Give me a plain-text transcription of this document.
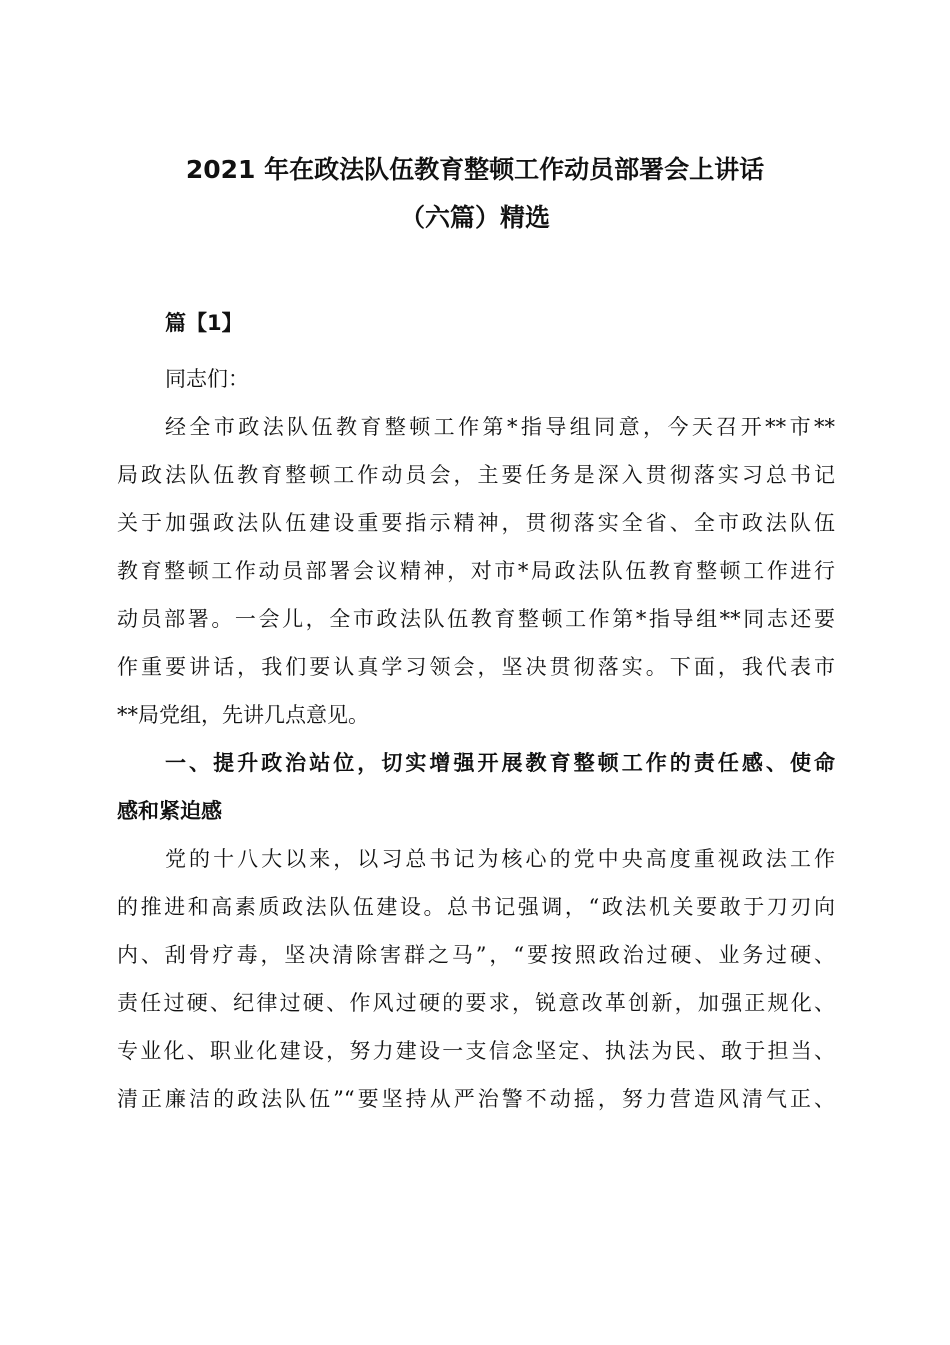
2021 年在政法队伍教育整顿工作动员部署会上讲话
（六篇）精选
篇【1】
同志们：
经全市政法队伍教育整顿工作第*指导组同意，今天召开**市**
局政法队伍教育整顿工作动员会，主要任务是深入贯彻落实习总书记
关于加强政法队伍建设重要指示精神，贯彻落实全省、全市政法队伍
教育整顿工作动员部署会议精神，对市*局政法队伍教育整顿工作进行
动员部署。一会儿，全市政法队伍教育整顿工作第*指导组**同志还要
作重要讲话，我们要认真学习领会，坚决贯彻落实。下面，我代表市
**局党组，先讲几点意见。
一、提升政治站位，切实增强开展教育整顿工作的责任感、使命
感和紧迫感
党的十八大以来，以习总书记为核心的党中央高度重视政法工作
的推进和高素质政法队伍建设。总书记强调，“政法机关要敢于刀刃向
内、刮骨疗毒，坚决清除害群之马”，“要按照政治过硬、业务过硬、
责任过硬、纪律过硬、作风过硬的要求，锐意改革创新，加强正规化、
专业化、职业化建设，努力建设一支信念坚定、执法为民、敢于担当、
清正廉洁的政法队伍”“要坚持从严治警不动摇，努力营造风清气正、
